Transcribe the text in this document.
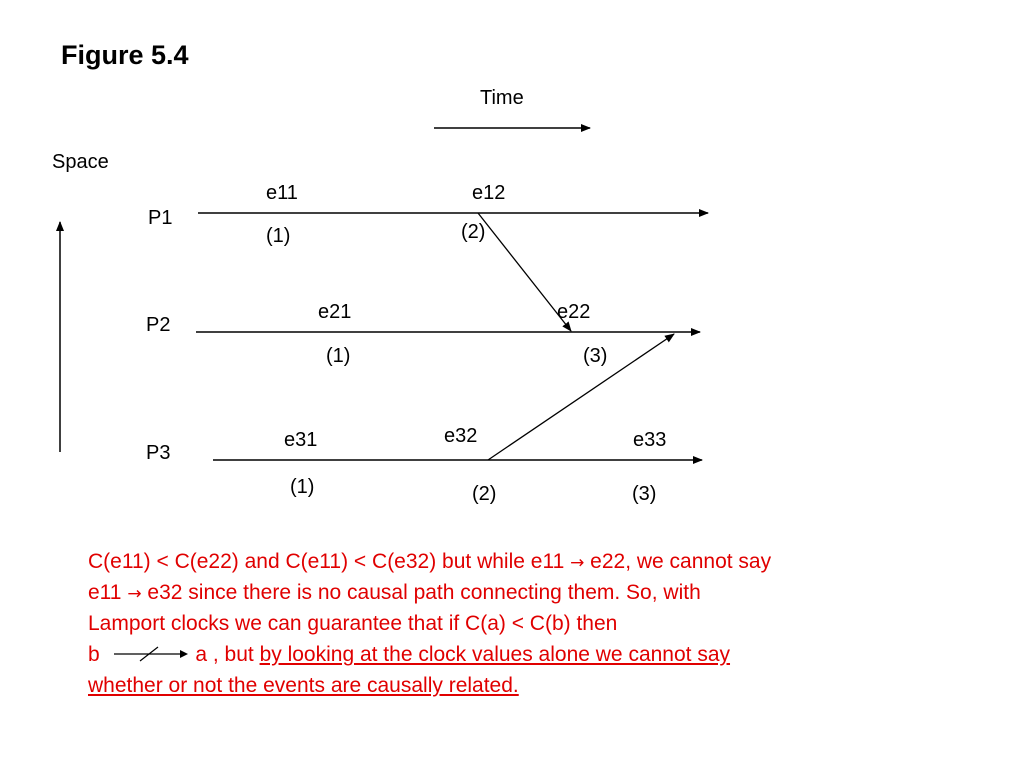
Figure 5.4
Time
Space
P1
P2
P3
e11
(1)
e12
(2)
e21
(1)
e22
(3)
e31
(1)
e32
(2)
e33
(3)
C(e11) < C(e22) and C(e11) < C(e32) but while e11 → e22, we cannot say
e11 → e32 since there is no causal path connecting them. So, with
Lamport clocks we can guarantee that if C(a) < C(b) then
b	a , but by looking at the clock values alone we cannot say
whether or not the events are causally related.
